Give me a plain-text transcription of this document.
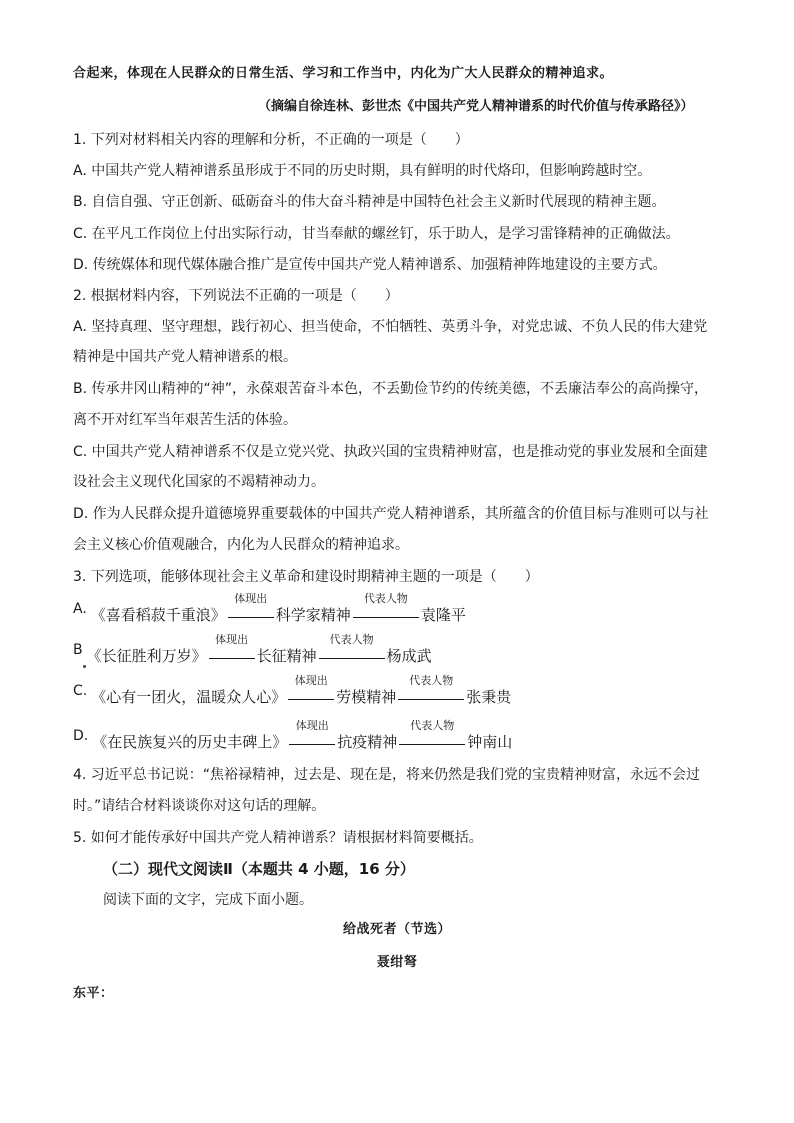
合起来，体现在人民群众的日常生活、学习和工作当中，内化为广大人民群众的精神追求。
（摘编自徐连林、彭世杰《中国共产党人精神谱系的时代价值与传承路径》）
1. 下列对材料相关内容的理解和分析，不正确的一项是（　　）
A. 中国共产党人精神谱系虽形成于不同的历史时期，具有鲜明的时代烙印，但影响跨越时空。
B. 自信自强、守正创新、砥砺奋斗的伟大奋斗精神是中国特色社会主义新时代展现的精神主题。
C. 在平凡工作岗位上付出实际行动，甘当奉献的螺丝钉，乐于助人，是学习雷锋精神的正确做法。
D. 传统媒体和现代媒体融合推广是宣传中国共产党人精神谱系、加强精神阵地建设的主要方式。
2. 根据材料内容，下列说法不正确的一项是（　　）
A. 坚持真理、坚守理想，践行初心、担当使命，不怕牺牲、英勇斗争，对党忠诚、不负人民的伟大建党
精神是中国共产党人精神谱系的根。
B. 传承井冈山精神的“神”，永葆艰苦奋斗本色，不丢勤俭节约的传统美德，不丢廉洁奉公的高尚操守，
离不开对红军当年艰苦生活的体验。
C. 中国共产党人精神谱系不仅是立党兴党、执政兴国的宝贵精神财富，也是推动党的事业发展和全面建
设社会主义现代化国家的不竭精神动力。
D. 作为人民群众提升道德境界重要载体的中国共产党人精神谱系，其所蕴含的价值目标与准则可以与社
会主义核心价值观融合，内化为人民群众的精神追求。
3. 下列选项，能够体现社会主义革命和建设时期精神主题的一项是（　　）
A. 《喜看稻菽千重浪》
体现出
科学家精神
代表人物
袁隆平
B 《长征胜利万岁》
体现出
长征精神
代表人物
杨成武
C. 《心有一团火，温暖众人心》
体现出
劳模精神
代表人物
张秉贵
D. 《在民族复兴的历史丰碑上》
体现出
抗疫精神
代表人物
钟南山
4. 习近平总书记说：“焦裕禄精神，过去是、现在是，将来仍然是我们党的宝贵精神财富，永远不会过
时。”请结合材料谈谈你对这句话的理解。
5. 如何才能传承好中国共产党人精神谱系？请根据材料简要概括。
（二）现代文阅读Ⅱ（本题共 4 小题，16 分）
阅读下面的文字，完成下面小题。
给战死者（节选）
聂绀弩
东平：
